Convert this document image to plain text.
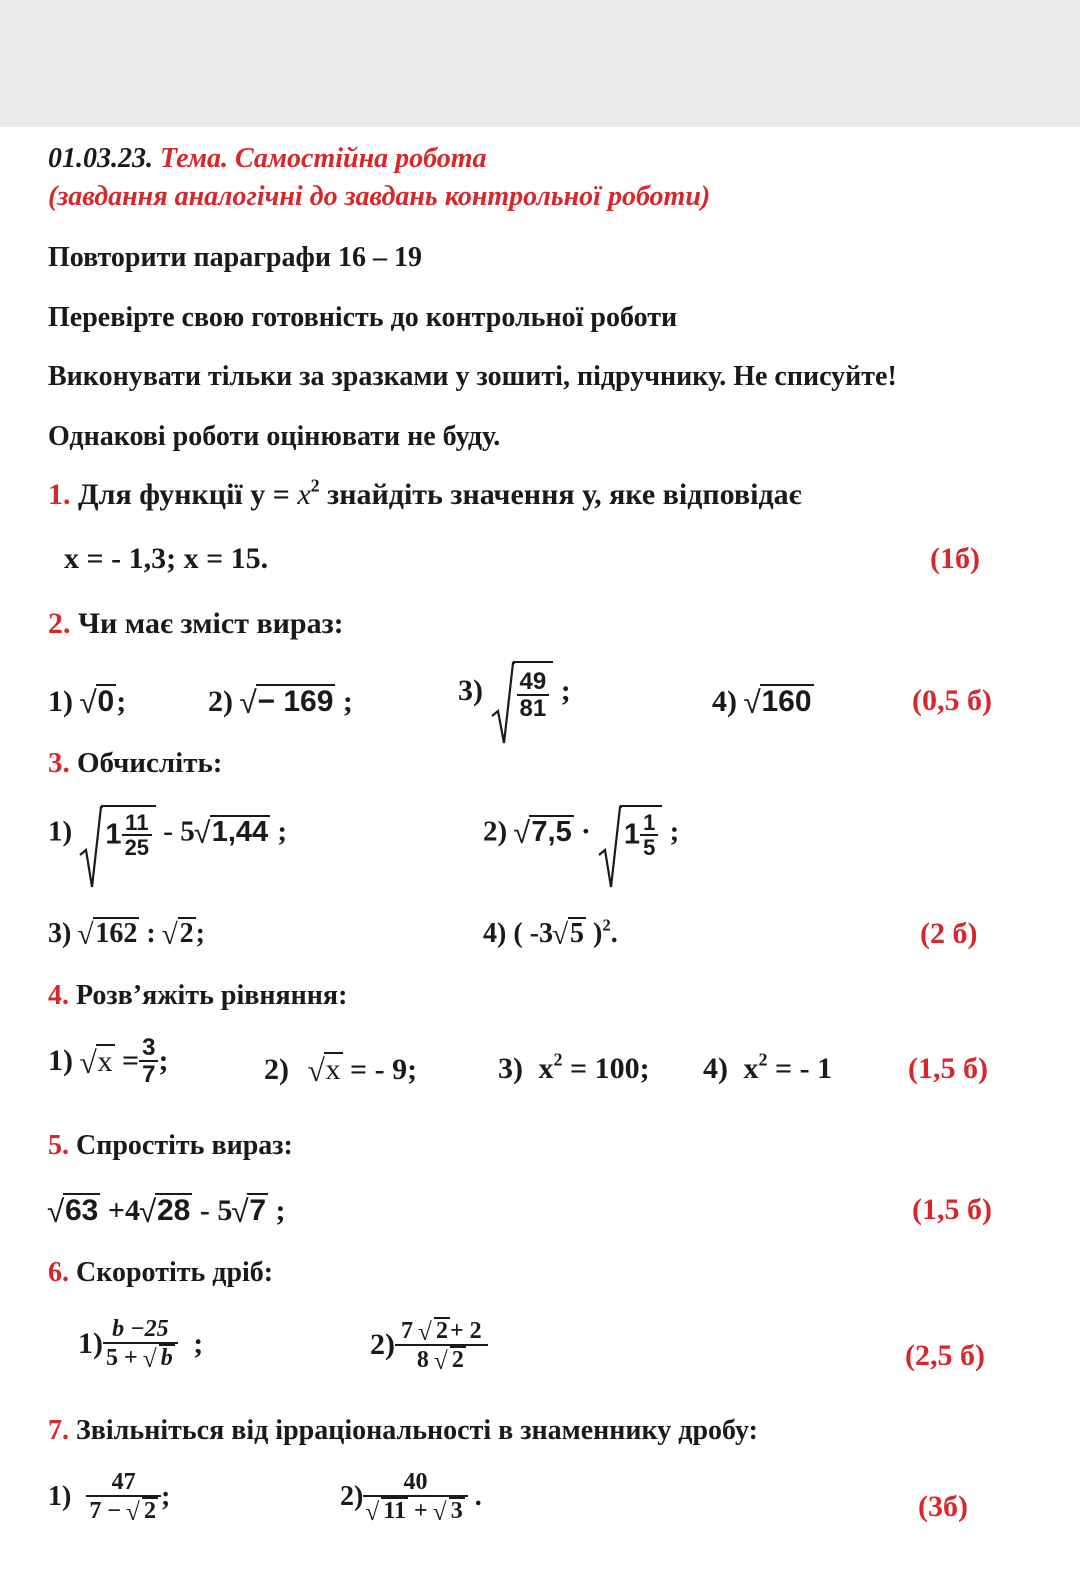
01.03.23. Тема. Самостійна робота
(завдання аналогічні до завдань контрольної роботи)
Повторити параграфи 16 – 19
Перевірте свою готовність до контрольної роботи
Виконувати тільки за зразками у зошиті, підручнику. Не списуйте!
Однакові роботи оцінювати не буду.
1. Для функції $у = x^2$ знайдіть значення у, яке відповідає
х = - 1,3; х = 15.	(1б)
2. Чи має зміст вираз:
1) √ 0;	2) √ − 169 ;	$3) \frac{49}{81}$ ;	4) √ 160	(0,5 б)
3. Обчисліть:
1) $1 \frac{11}{25} - 5√$ 1,44 ;	2) √ $7,5 \cdot 1 \frac{1}{5}$ ;
3) √ 162 : √ 2;	4) ( -3√ 5 )$^2$.	(2 б)
4. Розв’яжіть рівняння:
1) √ $x = \frac{3}{7}$ ;	2) √ x = - 9;	3) $x^2 = 100$; 4) $x^2$ = - 1	(1,5 б)
5. Спростіть вираз:
√ 63 +4√ 28 - 5√ 7 ;	(1,5 б)
6. Скоротіть дріб:
$1) \frac{b -25}{5 + √ b}$ ;	$2) \frac{7 √ 2+ 2}{8 √ 2}$	(2,5 б)
7. Звільніться від ірраціональності в знаменнику дробу:
$1) \frac{47}{7 - √ 2}$ ;	2) 40
√ 11 + √ 3 .	(3б)
